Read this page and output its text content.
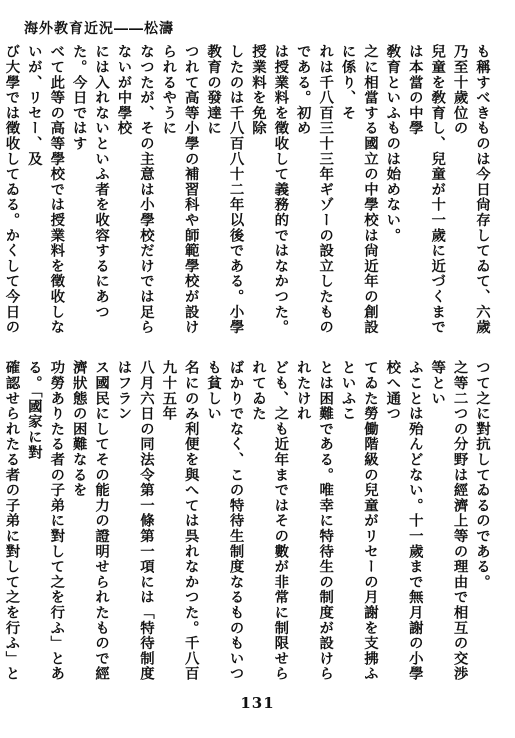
海外教育近況――松濤
も稱すべきものは今日尙存してゐて、六歲乃至十歲位の
兒童を敎育し、兒童が十一歲に近づくまでは本當の中學
敎育といふものは始めない。
之に相當する國立の中學校は尙近年の創設に係り、そ
れは千八百三十三年ギゾーの設立したものである。初め
は授業料を徵收して義務的ではなかつた。授業料を免除
したのは千八百八十二年以後である。小學教育の發達に
つれて高等小學の補習科や師範學校が設けられるやうに
なつたが、その主意は小學校だけでは足らないが中學校
には入れないといふ者を收容するにあつた。今日ではす
べて此等の高等學校では授業料を徵收しないが、リセー、及
び大學では徵收してゐる。かくして今日の
つて之に對抗してゐるのである。
之等二つの分野は經濟上等の理由で相互の交渉等とい
ふことは殆んどない。十一歲まで無月謝の小學校へ通つ
てゐた勞働階級の兒童がリセーの月謝を支拂ふといふこ
とは困難である。唯幸に特待生の制度が設けられたけれ
ども、之も近年まではその數が非常に制限せられてゐた
ばかりでなく、この特待生制度なるものもいつも貧しい
名にのみ利便を與へては呉れなかつた。千八百九十五年
八月六日の同法令第一條第一項には「特待制度はフラン
ス國民にしてその能力の證明せられたもので經濟狀態の困難なるを
功勞ありたる者の子弟に對して之を行ふ」とある。「國家に對
確認せられたる者の子弟に對して之を行ふ」と
131
